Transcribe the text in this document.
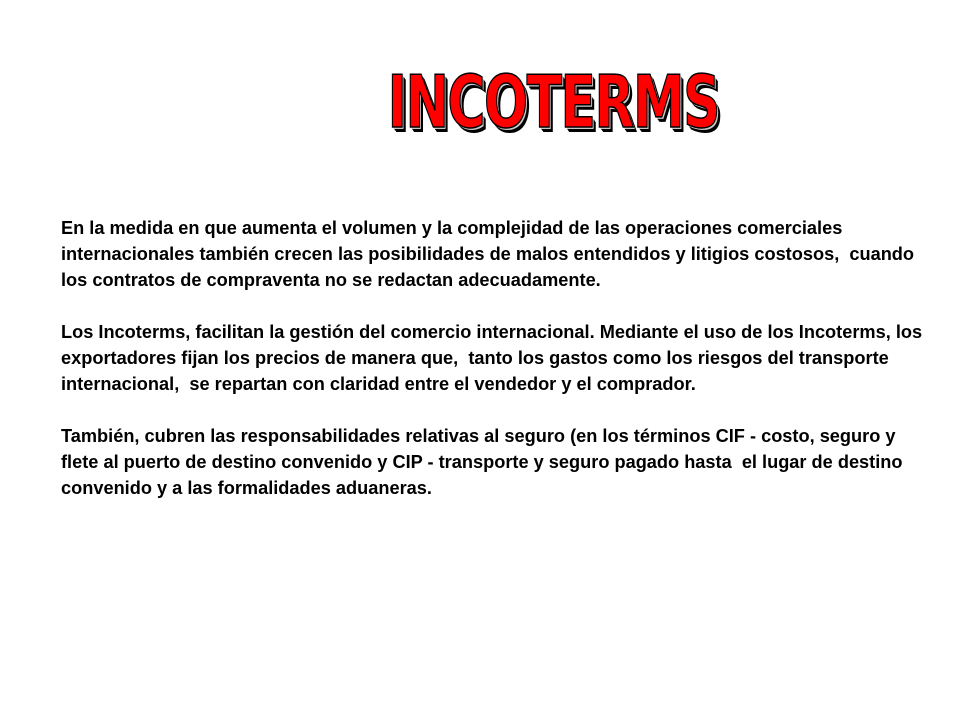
INCOTERMS

En la medida en que aumenta el volumen y la complejidad de las operaciones comerciales internacionales también crecen las posibilidades de malos entendidos y litigios costosos,  cuando los contratos de compraventa no se redactan adecuadamente.

Los Incoterms, facilitan la gestión del comercio internacional. Mediante el uso de los Incoterms, los exportadores fijan los precios de manera que,  tanto los gastos como los riesgos del transporte internacional,  se repartan con claridad entre el vendedor y el comprador.

También, cubren las responsabilidades relativas al seguro (en los términos CIF - costo, seguro y flete al puerto de destino convenido y CIP - transporte y seguro pagado hasta  el lugar de destino convenido y a las formalidades aduaneras.
